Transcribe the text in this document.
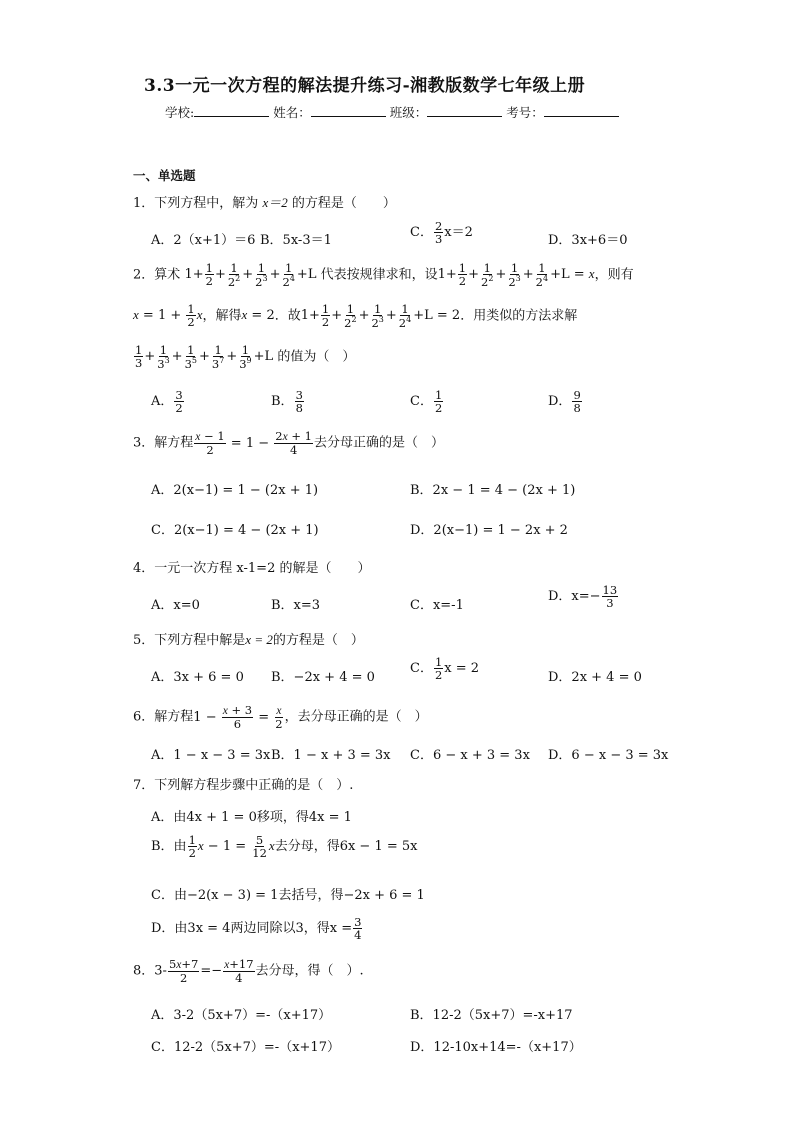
3.3一元一次方程的解法提升练习-湘教版数学七年级上册
学校:	姓名：	班级：	考号：
一、单选题
1．下列方程中，解为 x＝2 的方程是（　　）
A．2（x+1）＝6 B．5x-3＝1
C． $\frac{2}{3} x=2$
D．3x+6＝0
2．算术 $1+ \frac{1}{2} + \frac{1}{2^2} + \frac{1}{2^3} + \frac{1}{2^4} +L$ 代表按规律求和，设$1+ \frac{1}{2} + \frac{1}{2^2} + \frac{1}{2^3} + \frac{1}{2^4} +L = x$，则有
$x = 1 + \frac{1}{2}$ x，解得x = 2．故$1+ \frac{1}{2} + \frac{1}{2^2} + \frac{1}{2^3} + \frac{1}{2^4} +L = 2$．用类似的方法求解
$\frac{1}{3} + \frac{1}{3^3} + \frac{1}{3^5} + \frac{1}{3^7} + \frac{1}{3^9} +L$ 的值为（　）
A． $\frac{3}{2}$	B． $\frac{3}{8}$	C． $\frac{1}{2}$	D． $\frac{9}{8}$
3．解方程 $\frac{x - 1}{2} = 1 - \frac{2x + 1}{4}$ 去分母正确的是（　）
A．2(x−1) = 1 − (2x + 1)	B．2x − 1 = 4 − (2x + 1)
C．2(x−1) = 4 − (2x + 1)	D．2(x−1) = 1 − 2x + 2
4．一元一次方程 x-1=2 的解是（　　）
A．x=0	B．x=3	C．x=-1
D．$x=- \frac{13}{3}$
5．下列方程中解是x = 2的方程是（　）
A．3x + 6 = 0 B．−2x + 4 = 0
C． $\frac{1}{2}$ x = 2
D．2x + 4 = 0
6．解方程$1 - \frac{x + 3}{6} = \frac{x}{2}$ ，去分母正确的是（　）
A．1 − x − 3 = 3x B．1 − x + 3 = 3x C．6 − x + 3 = 3x D．6 − x − 3 = 3x
7．下列解方程步骤中正确的是（　）.
A．由4x + 1 = 0移项，得4x = 1
B．由 $\frac{1}{2}$ $x - 1 = \frac{5}{12}$ x去分母，得6x − 1 = 5x
C．由−2(x − 3) = 1去括号，得−2x + 6 = 1
D．由3x = 4两边同除以3，得$x = \frac{3}{4}$
8．$3- \frac{5x+7}{2} =- \frac{x+17}{4}$ 去分母，得（　）.
A．3-2（5x+7）=-（x+17）	B．12-2（5x+7）=-x+17
C．12-2（5x+7）=-（x+17）	D．12-10x+14=-（x+17）
